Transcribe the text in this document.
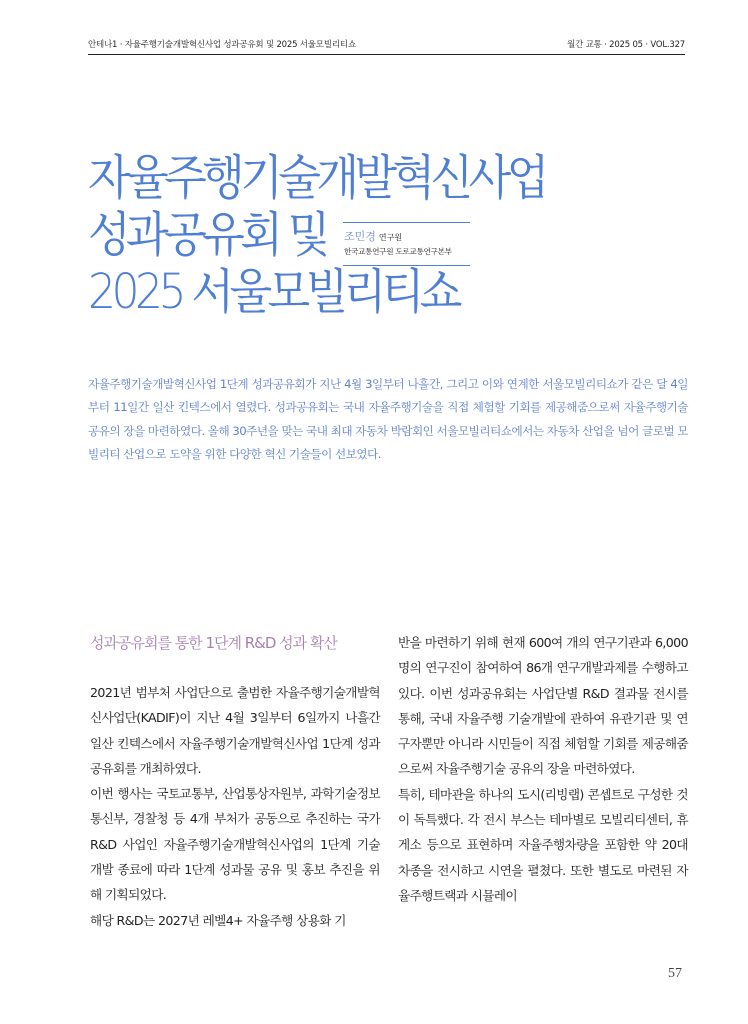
안테나1 · 자율주행기술개발혁신사업 성과공유회 및 2025 서울모빌리티쇼	월간 교통 · 2025 05 · VOL.327
자율주행기술개발혁신사업
성과공유회 및
2025 서울모빌리티쇼
조민경 연구원
한국교통연구원 도로교통연구본부
자율주행기술개발혁신사업 1단계 성과공유회가 지난 4월 3일부터 나흘간, 그리고 이와 연계한 서울모빌리티쇼가 같은 달 4일부터 11일간 일산 킨텍스에서 열렸다. 성과공유회는 국내 자율주행기술을 직접 체험할 기회를 제공해줌으로써 자율주행기술 공유의 장을 마련하였다. 올해 30주년을 맞는 국내 최대 자동차 박람회인 서울모빌리티쇼에서는 자동차 산업을 넘어 글로벌 모빌리티 산업으로 도약을 위한 다양한 혁신 기술들이 선보였다.
성과공유회를 통한 1단계 R&D 성과 확산

2021년 범부처 사업단으로 출범한 자율주행기술개발혁신사업단(KADIF)이 지난 4월 3일부터 6일까지 나흘간 일산 킨텍스에서 자율주행기술개발혁신사업 1단계 성과공유회를 개최하였다.

이번 행사는 국토교통부, 산업통상자원부, 과학기술정보통신부, 경찰청 등 4개 부처가 공동으로 추진하는 국가 R&D 사업인 자율주행기술개발혁신사업의 1단계 기술개발 종료에 따라 1단계 성과물 공유 및 홍보 추진을 위해 기획되었다.

해당 R&D는 2027년 레벨4+ 자율주행 상용화 기

반을 마련하기 위해 현재 600여 개의 연구기관과 6,000명의 연구진이 참여하여 86개 연구개발과제를 수행하고 있다. 이번 성과공유회는 사업단별 R&D 결과물 전시를 통해, 국내 자율주행 기술개발에 관하여 유관기관 및 연구자뿐만 아니라 시민들이 직접 체험할 기회를 제공해줌으로써 자율주행기술 공유의 장을 마련하였다.

특히, 테마관을 하나의 도시(리빙랩) 콘셉트로 구성한 것이 독특했다. 각 전시 부스는 테마별로 모빌리티센터, 휴게소 등으로 표현하며 자율주행차량을 포함한 약 20대 차종을 전시하고 시연을 펼쳤다. 또한 별도로 마련된 자율주행트랙과 시뮬레이

57
